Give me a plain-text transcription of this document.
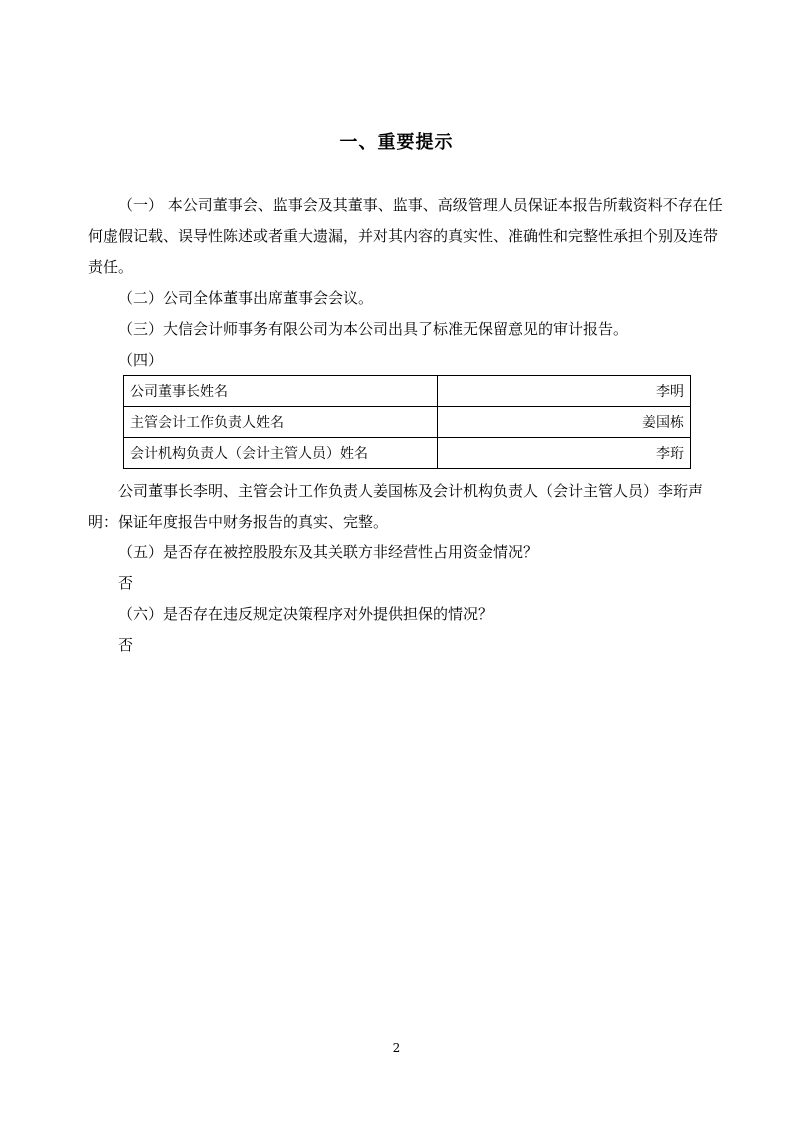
一、重要提示
（一） 本公司董事会、监事会及其董事、监事、高级管理人员保证本报告所载资料不存在任何虚假记载、误导性陈述或者重大遗漏，并对其内容的真实性、准确性和完整性承担个别及连带责任。
（二）公司全体董事出席董事会会议。
（三）大信会计师事务有限公司为本公司出具了标准无保留意见的审计报告。
（四）
公司董事长姓名	李明
主管会计工作负责人姓名	姜国栋
会计机构负责人（会计主管人员）姓名	李珩
公司董事长李明、主管会计工作负责人姜国栋及会计机构负责人（会计主管人员）李珩声明：保证年度报告中财务报告的真实、完整。
（五）是否存在被控股股东及其关联方非经营性占用资金情况？
否
（六）是否存在违反规定决策程序对外提供担保的情况？
否
2
